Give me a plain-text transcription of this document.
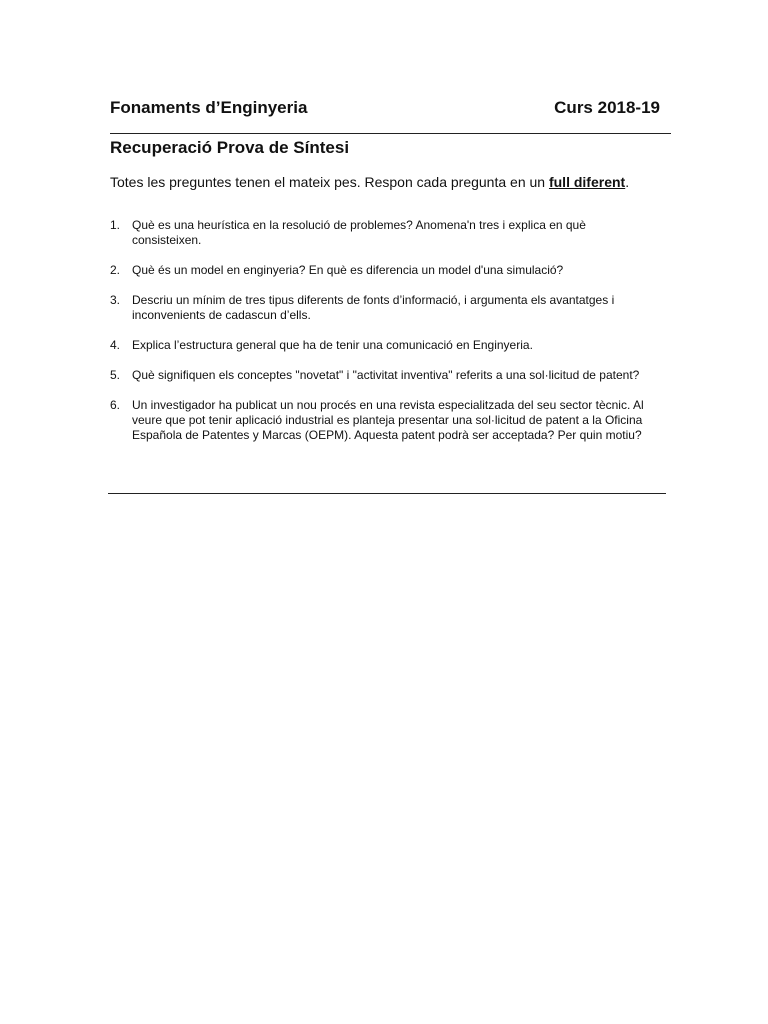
Fonaments d’Enginyeria	Curs 2018-19
Recuperació Prova de Síntesi
Totes les preguntes tenen el mateix pes. Respon cada pregunta en un full diferent.
1. Què es una heurística en la resolució de problemes? Anomena'n tres i explica en què consisteixen.
2. Què és un model en enginyeria? En què es diferencia un model d'una simulació?
3. Descriu un mínim de tres tipus diferents de fonts d’informació, i argumenta els avantatges i inconvenients de cadascun d’ells.
4. Explica l’estructura general que ha de tenir una comunicació en Enginyeria.
5. Què signifiquen els conceptes "novetat" i "activitat inventiva" referits a una sol·licitud de patent?
6. Un investigador ha publicat un nou procés en una revista especialitzada del seu sector tècnic. Al veure que pot tenir aplicació industrial es planteja presentar una sol·licitud de patent a la Oficina Española de Patentes y Marcas (OEPM). Aquesta patent podrà ser acceptada? Per quin motiu?
